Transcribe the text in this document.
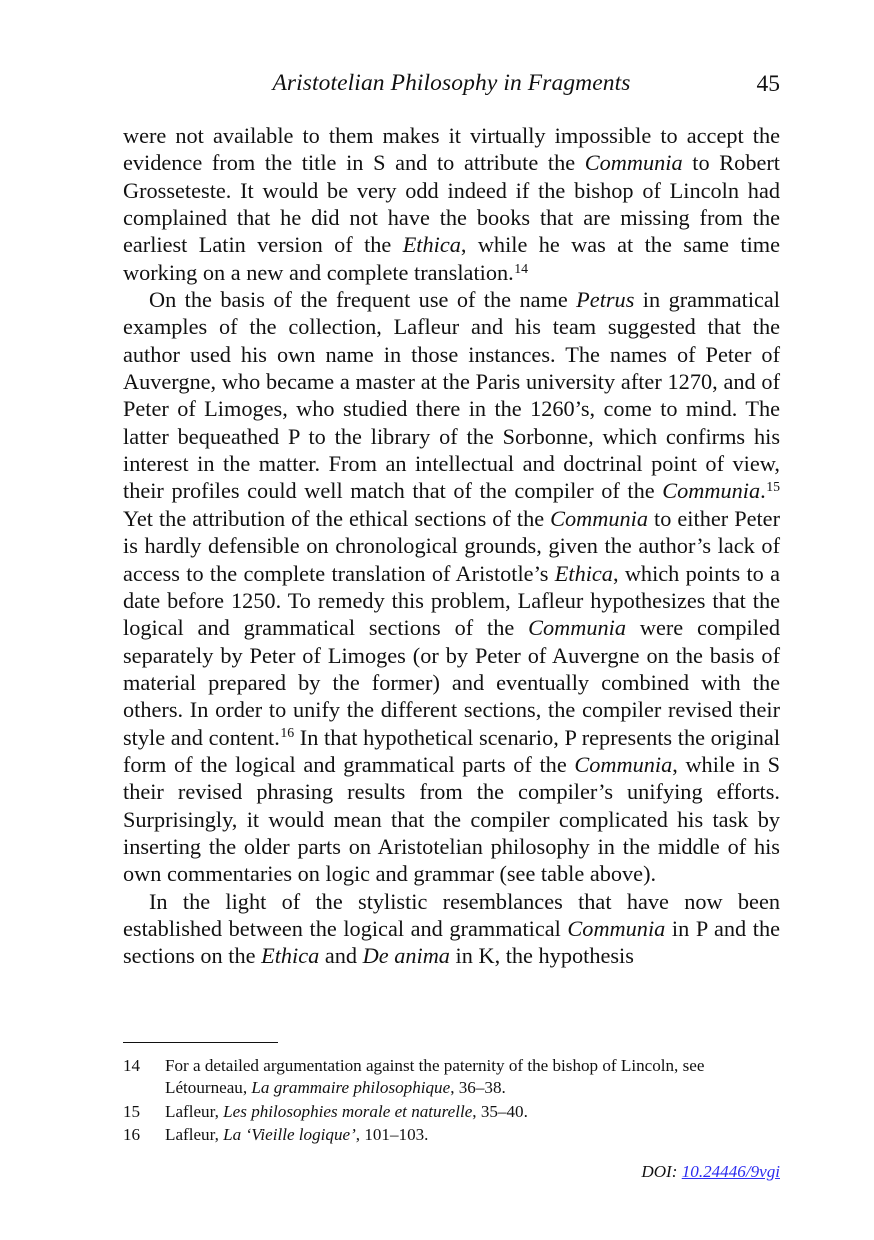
Aristotelian Philosophy in Fragments	45

were not available to them makes it virtually impossible to accept the evidence from the title in S and to attribute the Communia to Robert Grosseteste. It would be very odd indeed if the bishop of Lincoln had complained that he did not have the books that are missing from the earliest Latin version of the Ethica, while he was at the same time working on a new and complete translation.$^{14}$

On the basis of the frequent use of the name Petrus in grammatical examples of the collection, Lafleur and his team suggested that the author used his own name in those instances. The names of Peter of Auvergne, who became a master at the Paris university after 1270, and of Peter of Limoges, who studied there in the 1260’s, come to mind. The latter bequeathed P to the library of the Sorbonne, which confirms his interest in the matter. From an intellectual and doctrinal point of view, their profiles could well match that of the compiler of the Communia.$^{15}$ Yet the attribution of the ethical sections of the Communia to either Peter is hardly defensible on chronological grounds, given the author’s lack of access to the complete translation of Aristotle’s Ethica, which points to a date before 1250. To remedy this problem, Lafleur hypothesizes that the logical and grammatical sections of the Communia were compiled separately by Peter of Limoges (or by Peter of Auvergne on the basis of material prepared by the former) and eventually combined with the others. In order to unify the different sections, the compiler revised their style and content.$^{16}$ In that hypothetical scenario, P represents the original form of the logical and grammatical parts of the Communia, while in S their revised phrasing results from the compiler’s unifying efforts. Surprisingly, it would mean that the compiler complicated his task by inserting the older parts on Aristotelian philosophy in the middle of his own commentaries on logic and grammar (see table above).

In the light of the stylistic resemblances that have now been established between the logical and grammatical Communia in P and the sections on the Ethica and De anima in K, the hypothesis

14	For a detailed argumentation against the paternity of the bishop of Lincoln, see Létourneau, La grammaire philosophique, 36–38.
15	Lafleur, Les philosophies morale et naturelle, 35–40.
16	Lafleur, La ‘Vieille logique’, 101–103.
DOI: 10.24446/9vgi
